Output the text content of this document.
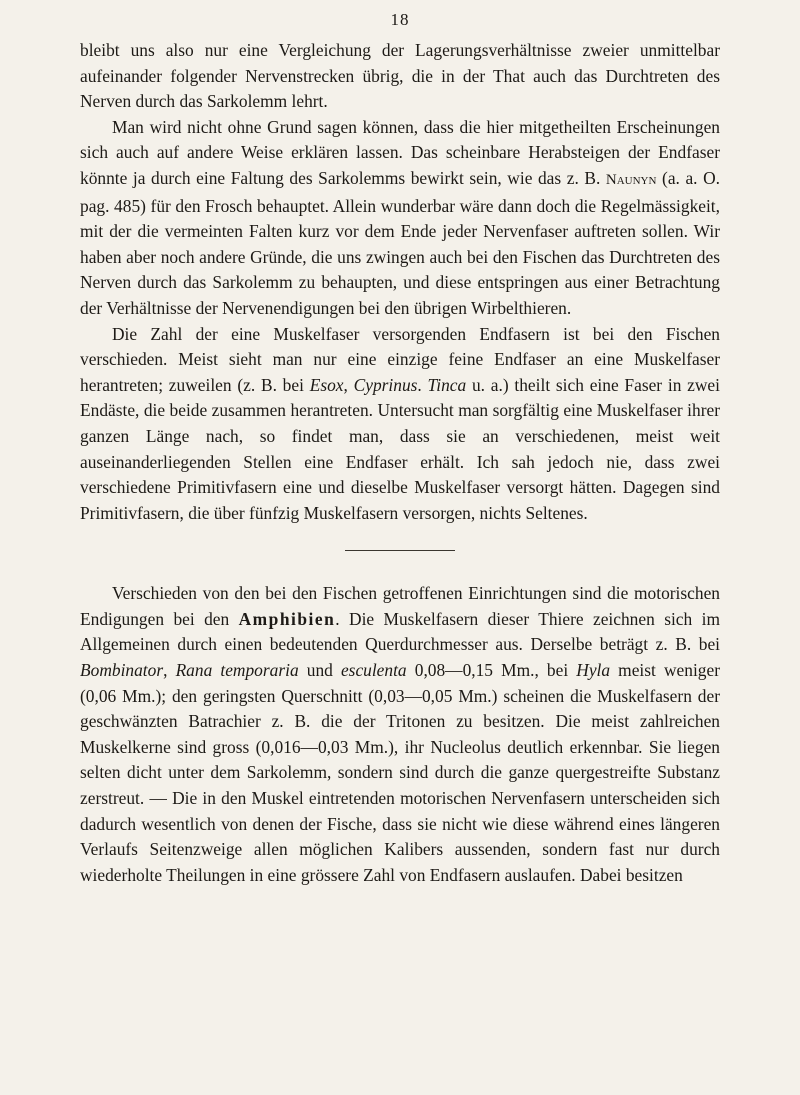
18

bleibt uns also nur eine Vergleichung der Lagerungsverhältnisse zweier unmittelbar aufeinander folgender Nervenstrecken übrig, die in der That auch das Durchtreten des Nerven durch das Sarkolemm lehrt.

Man wird nicht ohne Grund sagen können, dass die hier mitgetheilten Erscheinungen sich auch auf andere Weise erklären lassen. Das scheinbare Herabsteigen der Endfaser könnte ja durch eine Faltung des Sarkolemms bewirkt sein, wie das z. B. Naunyn (a. a. O. pag. 485) für den Frosch behauptet. Allein wunderbar wäre dann doch die Regelmässigkeit, mit der die vermeinten Falten kurz vor dem Ende jeder Nervenfaser auftreten sollen. Wir haben aber noch andere Gründe, die uns zwingen auch bei den Fischen das Durchtreten des Nerven durch das Sarkolemm zu behaupten, und diese entspringen aus einer Betrachtung der Verhältnisse der Nervenendigungen bei den übrigen Wirbelthieren.

Die Zahl der eine Muskelfaser versorgenden Endfasern ist bei den Fischen verschieden. Meist sieht man nur eine einzige feine Endfaser an eine Muskelfaser herantreten; zuweilen (z. B. bei Esox, Cyprinus. Tinca u. a.) theilt sich eine Faser in zwei Endäste, die beide zusammen herantreten. Untersucht man sorgfältig eine Muskelfaser ihrer ganzen Länge nach, so findet man, dass sie an verschiedenen, meist weit auseinanderliegenden Stellen eine Endfaser erhält. Ich sah jedoch nie, dass zwei verschiedene Primitivfasern eine und dieselbe Muskelfaser versorgt hätten. Dagegen sind Primitivfasern, die über fünfzig Muskelfasern versorgen, nichts Seltenes.

Verschieden von den bei den Fischen getroffenen Einrichtungen sind die motorischen Endigungen bei den Amphibien. Die Muskelfasern dieser Thiere zeichnen sich im Allgemeinen durch einen bedeutenden Querdurchmesser aus. Derselbe beträgt z. B. bei Bombinator, Rana temporaria und esculenta 0,08—0,15 Mm., bei Hyla meist weniger (0,06 Mm.); den geringsten Querschnitt (0,03—0,05 Mm.) scheinen die Muskelfasern der geschwänzten Batrachier z. B. die der Tritonen zu besitzen. Die meist zahlreichen Muskelkerne sind gross (0,016—0,03 Mm.), ihr Nucleolus deutlich erkennbar. Sie liegen selten dicht unter dem Sarkolemm, sondern sind durch die ganze quergestreifte Substanz zerstreut. — Die in den Muskel eintretenden motorischen Nervenfasern unterscheiden sich dadurch wesentlich von denen der Fische, dass sie nicht wie diese während eines längeren Verlaufs Seitenzweige allen möglichen Kalibers aussenden, sondern fast nur durch wiederholte Theilungen in eine grössere Zahl von Endfasern auslaufen. Dabei besitzen
